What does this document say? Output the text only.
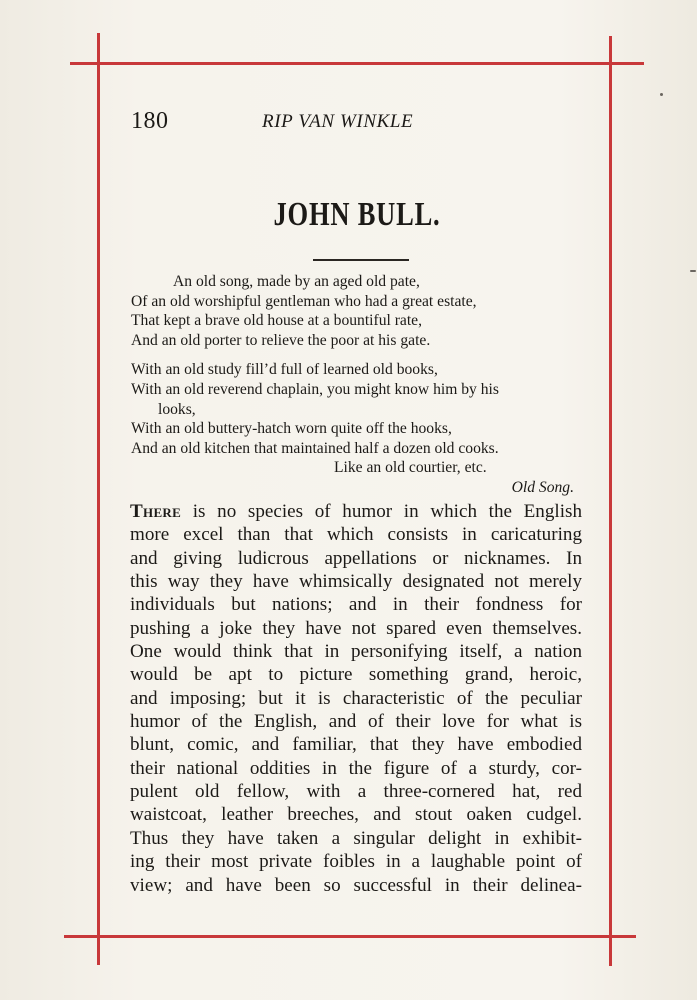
180	RIP VAN WINKLE
JOHN BULL.
An old song, made by an aged old pate,
Of an old worshipful gentleman who had a great estate,
That kept a brave old house at a bountiful rate,
And an old porter to relieve the poor at his gate.
With an old study fill’d full of learned old books,
With an old reverend chaplain, you might know him by his
looks,
With an old buttery-hatch worn quite off the hooks,
And an old kitchen that maintained half a dozen old cooks.
Like an old courtier, etc.
Old Song.
There is no species of humor in which the English
more excel than that which consists in caricaturing
and giving ludicrous appellations or nicknames. In
this way they have whimsically designated not merely
individuals but nations; and in their fondness for
pushing a joke they have not spared even themselves.
One would think that in personifying itself, a nation
would be apt to picture something grand, heroic,
and imposing; but it is characteristic of the peculiar
humor of the English, and of their love for what is
blunt, comic, and familiar, that they have embodied
their national oddities in the figure of a sturdy, cor-
pulent old fellow, with a three-cornered hat, red
waistcoat, leather breeches, and stout oaken cudgel.
Thus they have taken a singular delight in exhibit-
ing their most private foibles in a laughable point of
view; and have been so successful in their delinea-
